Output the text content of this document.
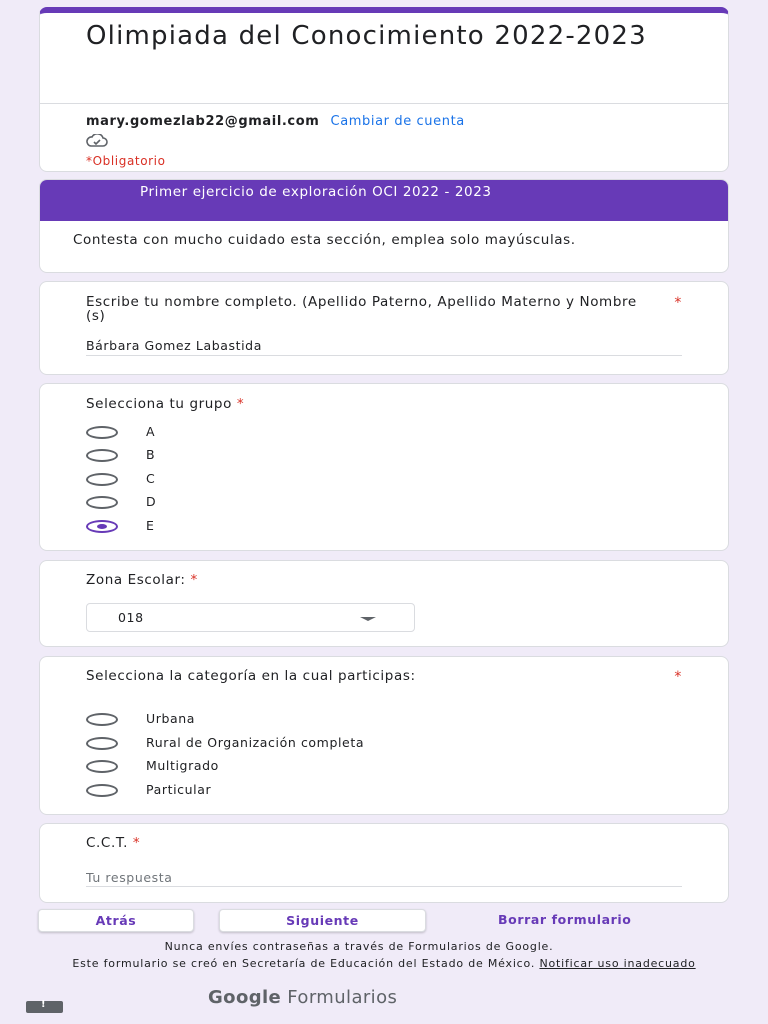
Olimpiada del Conocimiento 2022-2023
mary.gomezlab22@gmail.com Cambiar de cuenta
*Obligatorio
Primer ejercicio de exploración OCI 2022 - 2023
Contesta con mucho cuidado esta sección, emplea solo mayúsculas.
Escribe tu nombre completo. (Apellido Paterno, Apellido Materno y Nombre (s)
*
Bárbara Gomez Labastida
Selecciona tu grupo *
A
B
C
D
E
Zona Escolar: *
018
Selecciona la categoría en la cual participas:	*
Urbana
Rural de Organización completa
Multigrado
Particular
C.C.T. *
Tu respuesta
Atrás	Siguiente	Borrar formulario
Nunca envíes contraseñas a través de Formularios de Google.
Este formulario se creó en Secretaría de Educación del Estado de México. Notificar uso inadecuado
Google Formularios
!
